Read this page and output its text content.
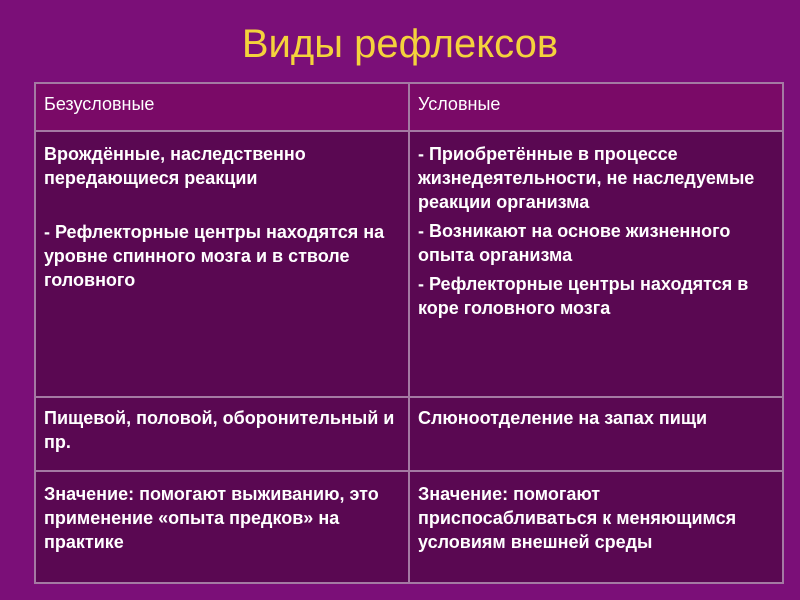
Виды рефлексов
Безусловные	Условные
Врождённые, наследственно передающиеся реакции
- Рефлекторные центры находятся на уровне спинного мозга и в стволе головного
- Приобретённые в процессе жизнедеятельности, не наследуемые реакции организма
- Возникают на основе жизненного опыта организма
- Рефлекторные центры находятся в коре головного мозга
Пищевой, половой, оборонительный и пр.
Слюноотделение на запах пищи
Значение: помогают выживанию, это применение «опыта предков» на практике
Значение: помогают приспосабливаться к меняющимся условиям внешней среды
